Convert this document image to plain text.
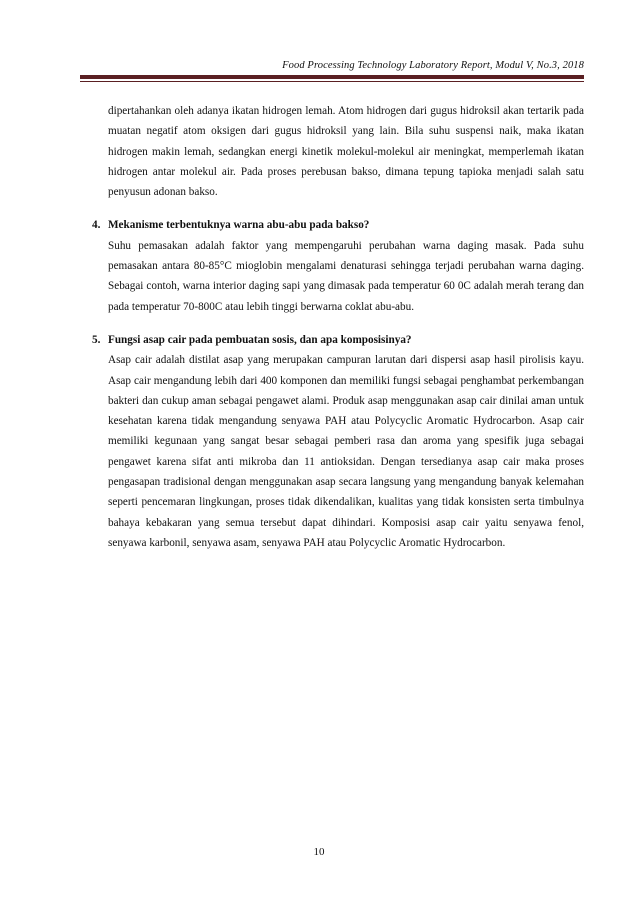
Food Processing Technology Laboratory Report, Modul V, No.3, 2018

dipertahankan oleh adanya ikatan hidrogen lemah. Atom hidrogen dari gugus hidroksil akan tertarik pada muatan negatif atom oksigen dari gugus hidroksil yang lain. Bila suhu suspensi naik, maka ikatan hidrogen makin lemah, sedangkan energi kinetik molekul-molekul air meningkat, memperlemah ikatan hidrogen antar molekul air. Pada proses perebusan bakso, dimana tepung tapioka menjadi salah satu penyusun adonan bakso.

4. Mekanisme terbentuknya warna abu-abu pada bakso?

Suhu pemasakan adalah faktor yang mempengaruhi perubahan warna daging masak. Pada suhu pemasakan antara 80-85°C mioglobin mengalami denaturasi sehingga terjadi perubahan warna daging. Sebagai contoh, warna interior daging sapi yang dimasak pada temperatur 60 0C adalah merah terang dan pada temperatur 70-800C atau lebih tinggi berwarna coklat abu-abu.

5. Fungsi asap cair pada pembuatan sosis, dan apa komposisinya?

Asap cair adalah distilat asap yang merupakan campuran larutan dari dispersi asap hasil pirolisis kayu. Asap cair mengandung lebih dari 400 komponen dan memiliki fungsi sebagai penghambat perkembangan bakteri dan cukup aman sebagai pengawet alami. Produk asap menggunakan asap cair dinilai aman untuk kesehatan karena tidak mengandung senyawa PAH atau Polycyclic Aromatic Hydrocarbon. Asap cair memiliki kegunaan yang sangat besar sebagai pemberi rasa dan aroma yang spesifik juga sebagai pengawet karena sifat anti mikroba dan 11 antioksidan. Dengan tersedianya asap cair maka proses pengasapan tradisional dengan menggunakan asap secara langsung yang mengandung banyak kelemahan seperti pencemaran lingkungan, proses tidak dikendalikan, kualitas yang tidak konsisten serta timbulnya bahaya kebakaran yang semua tersebut dapat dihindari. Komposisi asap cair yaitu senyawa fenol, senyawa karbonil, senyawa asam, senyawa PAH atau Polycyclic Aromatic Hydrocarbon.

10
